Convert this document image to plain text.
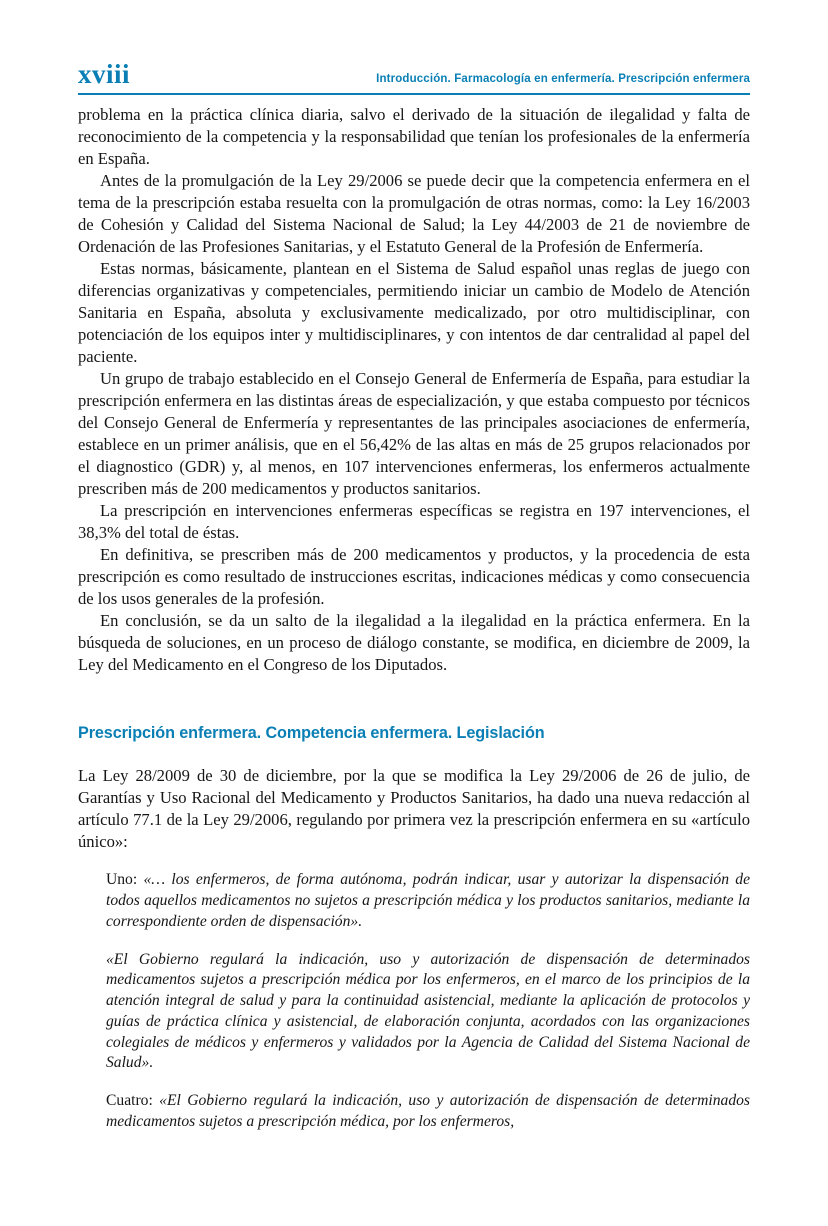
xviii	Introducción. Farmacología en enfermería. Prescripción enfermera

problema en la práctica clínica diaria, salvo el derivado de la situación de ilegalidad y falta de reconocimiento de la competencia y la responsabilidad que tenían los profesionales de la enfermería en España.

Antes de la promulgación de la Ley 29/2006 se puede decir que la competencia enfermera en el tema de la prescripción estaba resuelta con la promulgación de otras normas, como: la Ley 16/2003 de Cohesión y Calidad del Sistema Nacional de Salud; la Ley 44/2003 de 21 de noviembre de Ordenación de las Profesiones Sanitarias, y el Estatuto General de la Profesión de Enfermería.

Estas normas, básicamente, plantean en el Sistema de Salud español unas reglas de juego con diferencias organizativas y competenciales, permitiendo iniciar un cambio de Modelo de Atención Sanitaria en España, absoluta y exclusivamente medicalizado, por otro multidisciplinar, con potenciación de los equipos inter y multidisciplinares, y con intentos de dar centralidad al papel del paciente.

Un grupo de trabajo establecido en el Consejo General de Enfermería de España, para estudiar la prescripción enfermera en las distintas áreas de especialización, y que estaba compuesto por técnicos del Consejo General de Enfermería y representantes de las principales asociaciones de enfermería, establece en un primer análisis, que en el 56,42% de las altas en más de 25 grupos relacionados por el diagnostico (GDR) y, al menos, en 107 intervenciones enfermeras, los enfermeros actualmente prescriben más de 200 medicamentos y productos sanitarios.

La prescripción en intervenciones enfermeras específicas se registra en 197 intervenciones, el 38,3% del total de éstas.

En definitiva, se prescriben más de 200 medicamentos y productos, y la procedencia de esta prescripción es como resultado de instrucciones escritas, indicaciones médicas y como consecuencia de los usos generales de la profesión.

En conclusión, se da un salto de la ilegalidad a la ilegalidad en la práctica enfermera. En la búsqueda de soluciones, en un proceso de diálogo constante, se modifica, en diciembre de 2009, la Ley del Medicamento en el Congreso de los Diputados.

Prescripción enfermera. Competencia enfermera. Legislación

La Ley 28/2009 de 30 de diciembre, por la que se modifica la Ley 29/2006 de 26 de julio, de Garantías y Uso Racional del Medicamento y Productos Sanitarios, ha dado una nueva redacción al artículo 77.1 de la Ley 29/2006, regulando por primera vez la prescripción enfermera en su «artículo único»:

Uno: «… los enfermeros, de forma autónoma, podrán indicar, usar y autorizar la dispensación de todos aquellos medicamentos no sujetos a prescripción médica y los productos sanitarios, mediante la correspondiente orden de dispensación».

«El Gobierno regulará la indicación, uso y autorización de dispensación de determinados medicamentos sujetos a prescripción médica por los enfermeros, en el marco de los principios de la atención integral de salud y para la continuidad asistencial, mediante la aplicación de protocolos y guías de práctica clínica y asistencial, de elaboración conjunta, acordados con las organizaciones colegiales de médicos y enfermeros y validados por la Agencia de Calidad del Sistema Nacional de Salud».

Cuatro: «El Gobierno regulará la indicación, uso y autorización de dispensación de determinados medicamentos sujetos a prescripción médica, por los enfermeros,
